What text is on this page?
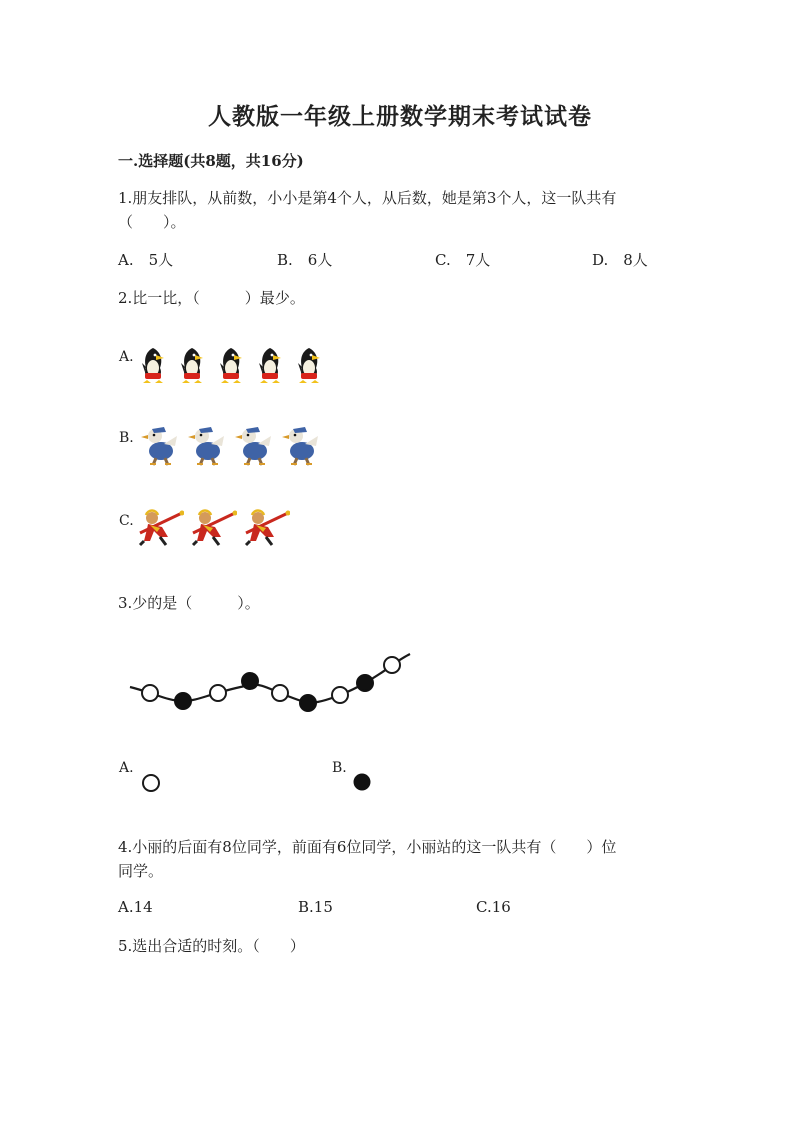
人教版一年级上册数学期末考试试卷
一.选择题(共8题，共16分)
1.朋友排队，从前数，小小是第4个人，从后数，她是第3个人，这一队共有
（　　）。
A.　5人	B.　6人	C.　7人	D.　8人
2.比一比，（　　　）最少。
A.
B.
C.
3.少的是（　　　）。
A.	B.
4.小丽的后面有8位同学，前面有6位同学，小丽站的这一队共有（　　）位
同学。
A.14	B.15	C.16
5.选出合适的时刻。（　　）
